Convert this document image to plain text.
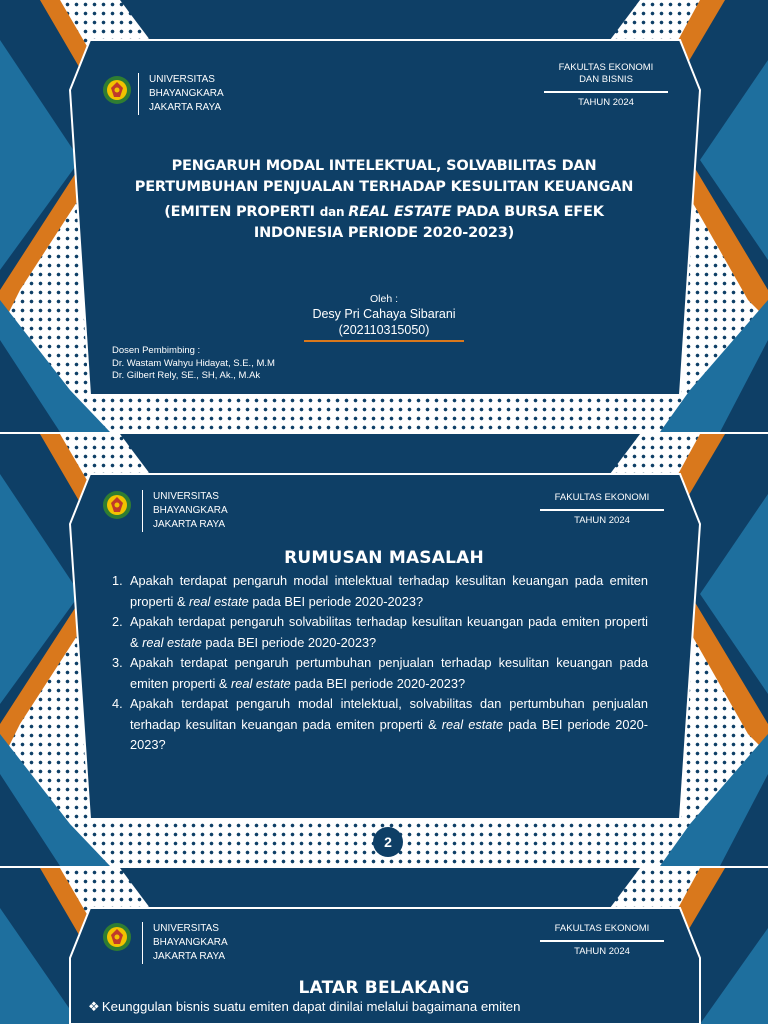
UNIVERSITAS
BHAYANGKARA
JAKARTA RAYA
FAKULTAS EKONOMI
DAN BISNIS
TAHUN 2024
PENGARUH MODAL INTELEKTUAL, SOLVABILITAS DAN
PERTUMBUHAN PENJUALAN TERHADAP KESULITAN KEUANGAN
(EMITEN PROPERTI dan REAL ESTATE PADA BURSA EFEK
INDONESIA PERIODE 2020-2023)
Oleh :
Desy Pri Cahaya Sibarani
(202110315050)
Dosen Pembimbing :
Dr. Wastam Wahyu Hidayat, S.E., M.M
Dr. Gilbert Rely, SE., SH, Ak., M.Ak
UNIVERSITAS
BHAYANGKARA
JAKARTA RAYA
FAKULTAS EKONOMI
TAHUN 2024
RUMUSAN MASALAH
1. Apakah terdapat pengaruh modal intelektual terhadap kesulitan keuangan pada emiten properti & real estate pada BEI periode 2020-2023?
2. Apakah terdapat pengaruh solvabilitas terhadap kesulitan keuangan pada emiten properti & real estate pada BEI periode 2020-2023?
3. Apakah terdapat pengaruh pertumbuhan penjualan terhadap kesulitan keuangan pada emiten properti & real estate pada BEI periode 2020-2023?
4. Apakah terdapat pengaruh modal intelektual, solvabilitas dan pertumbuhan penjualan terhadap kesulitan keuangan pada emiten properti & real estate pada BEI periode 2020-2023?
2
UNIVERSITAS
BHAYANGKARA
JAKARTA RAYA
FAKULTAS EKONOMI
TAHUN 2024
LATAR BELAKANG
❖ Keunggulan bisnis suatu emiten dapat dinilai melalui bagaimana emiten
